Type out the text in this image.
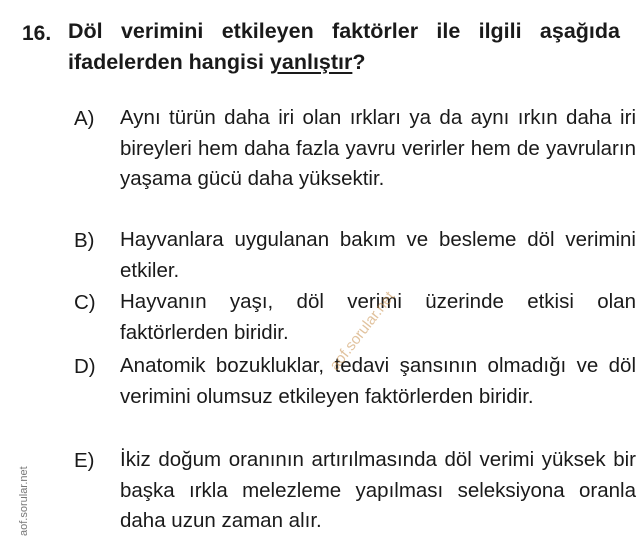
16. Döl verimini etkileyen faktörler ile ilgili aşağıda ifadelerden hangisi yanlıştır?
A) Aynı türün daha iri olan ırkları ya da aynı ırkın daha iri bireyleri hem daha fazla yavru verirler hem de yavruların yaşama gücü daha yüksektir.
B) Hayvanlara uygulanan bakım ve besleme döl verimini etkiler.
C) Hayvanın yaşı, döl verimi üzerinde etkisi olan faktörlerden biridir.
D) Anatomik bozukluklar, tedavi şansının olmadığı ve döl verimini olumsuz etkileyen faktörlerden biridir.
E) İkiz doğum oranının artırılmasında döl verimi yüksek bir başka ırkla melezleme yapılması seleksiyona oranla daha uzun zaman alır.
aof.sorular.net
aof.sorular.net
